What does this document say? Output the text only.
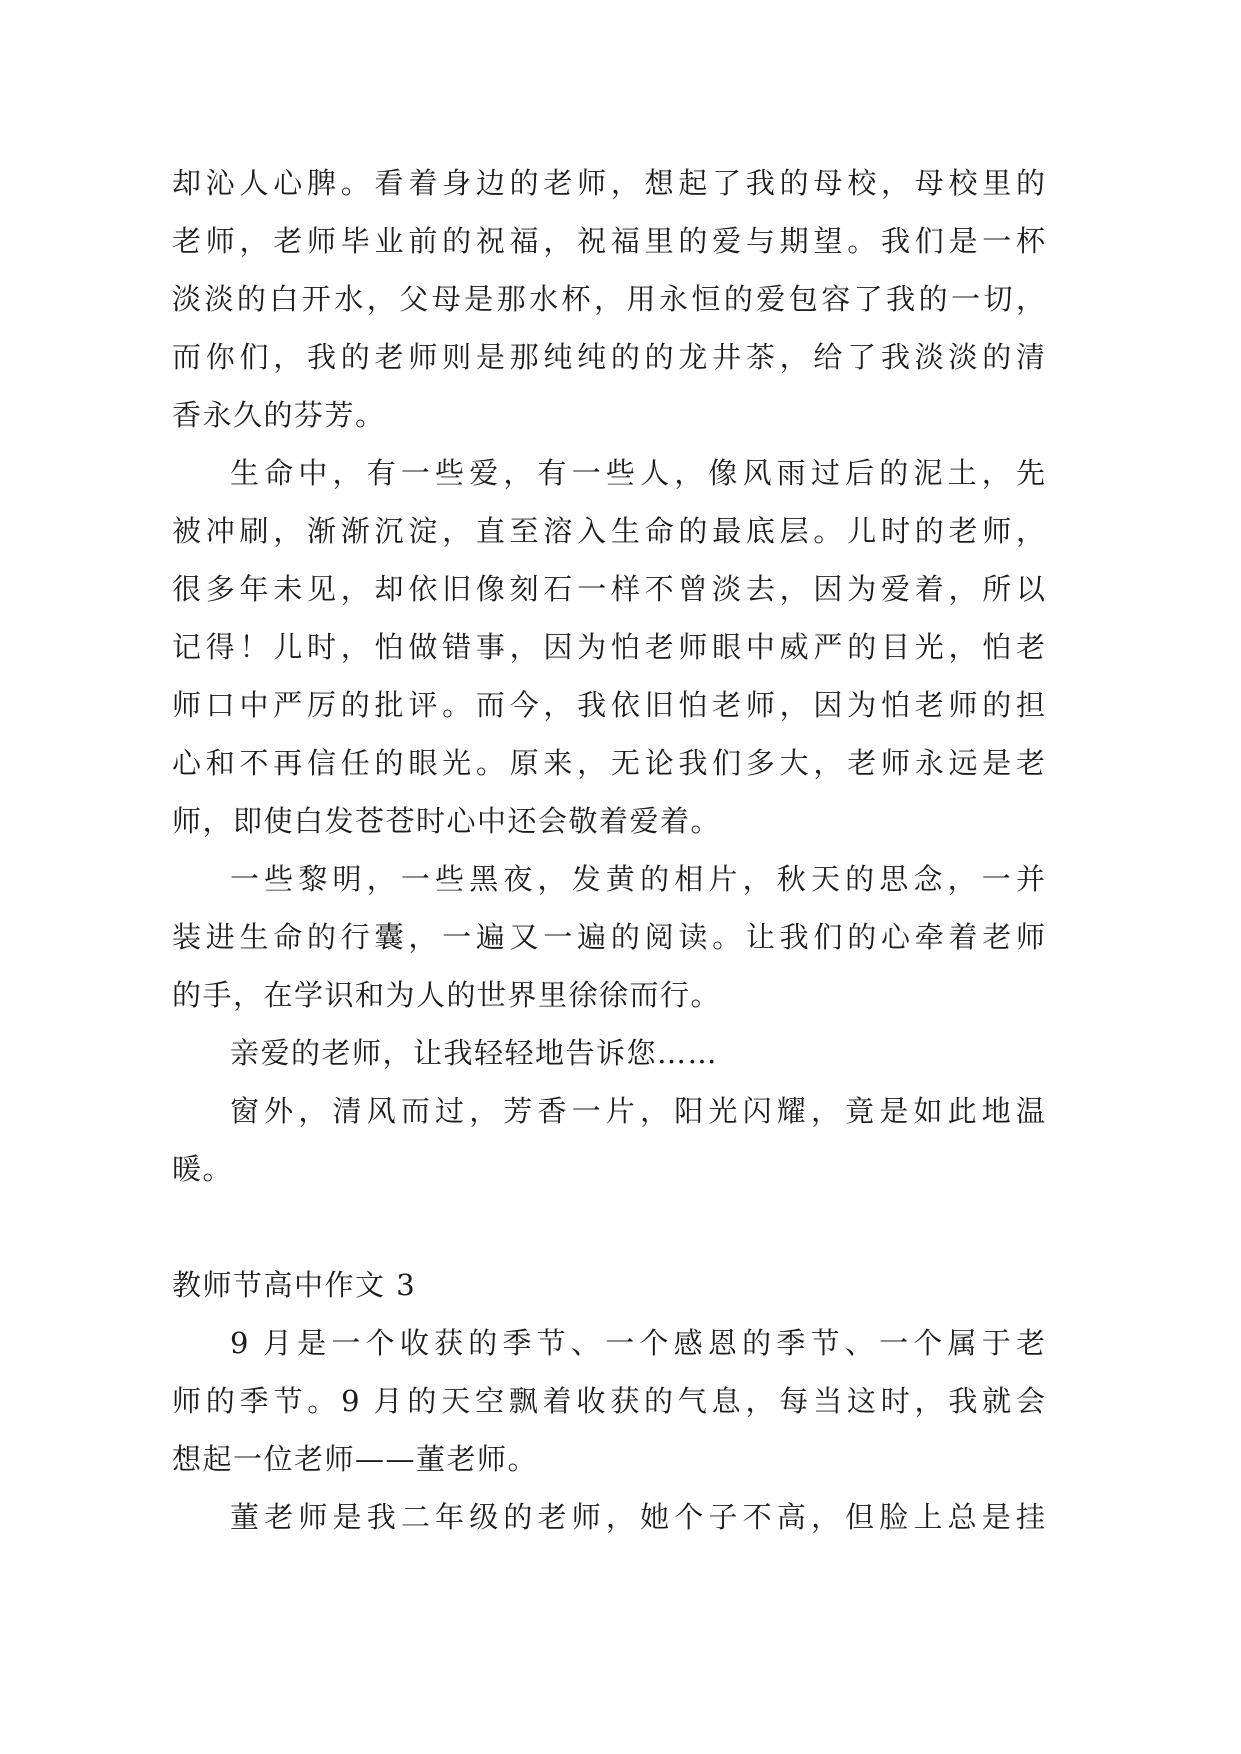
却沁人心脾。看着身边的老师，想起了我的母校，母校里的
老师，老师毕业前的祝福，祝福里的爱与期望。我们是一杯
淡淡的白开水，父母是那水杯，用永恒的爱包容了我的一切，
而你们，我的老师则是那纯纯的的龙井茶，给了我淡淡的清
香永久的芬芳。
生命中，有一些爱，有一些人，像风雨过后的泥土，先
被冲刷，渐渐沉淀，直至溶入生命的最底层。儿时的老师，
很多年未见，却依旧像刻石一样不曾淡去，因为爱着，所以
记得！儿时，怕做错事，因为怕老师眼中威严的目光，怕老
师口中严厉的批评。而今，我依旧怕老师，因为怕老师的担
心和不再信任的眼光。原来，无论我们多大，老师永远是老
师，即使白发苍苍时心中还会敬着爱着。
一些黎明，一些黑夜，发黄的相片，秋天的思念，一并
装进生命的行囊，一遍又一遍的阅读。让我们的心牵着老师
的手，在学识和为人的世界里徐徐而行。
亲爱的老师，让我轻轻地告诉您……
窗外，清风而过，芳香一片，阳光闪耀，竟是如此地温
暖。
教师节高中作文 3
9 月是一个收获的季节、一个感恩的季节、一个属于老
师的季节。9 月的天空飘着收获的气息，每当这时，我就会
想起一位老师——董老师。
董老师是我二年级的老师，她个子不高，但脸上总是挂
